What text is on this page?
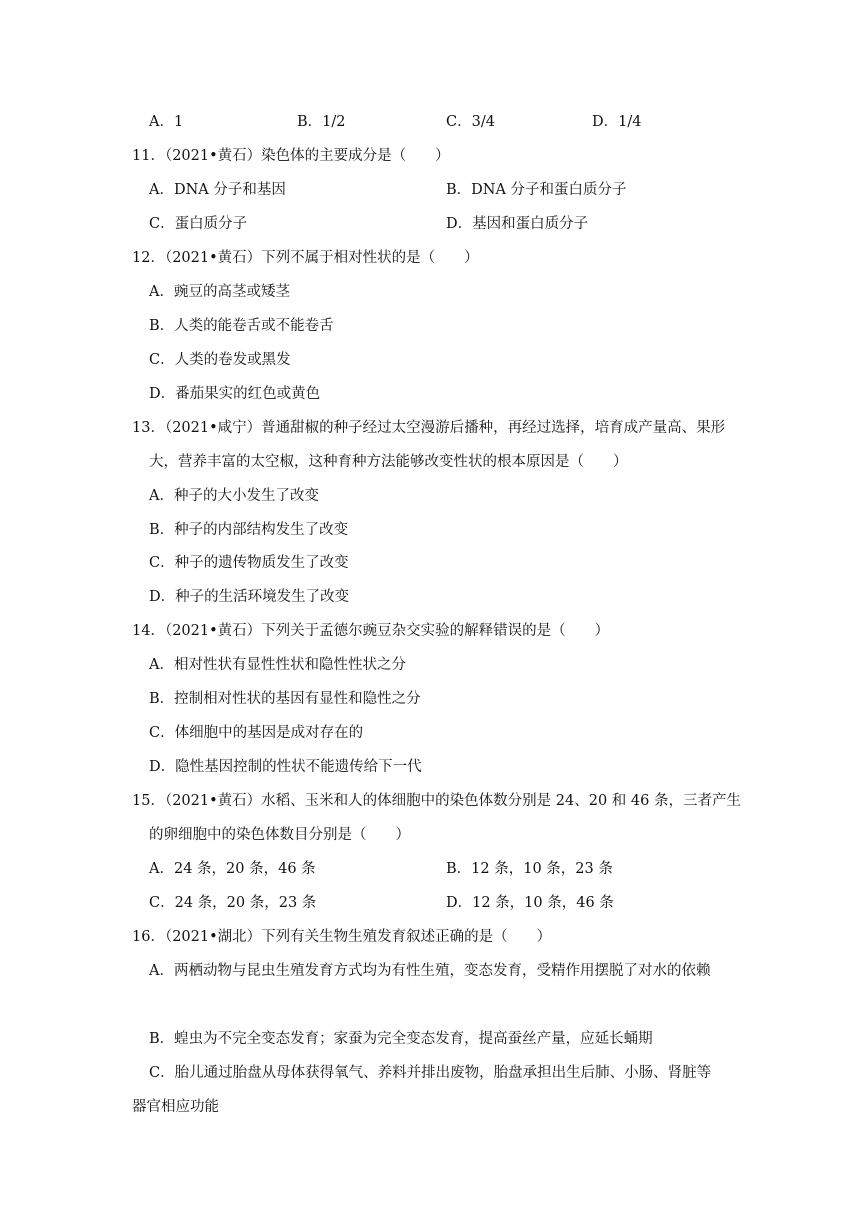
A．1	B．1/2	C．3/4	D．1/4
11．（2021•黄石）染色体的主要成分是（　　）
A．DNA 分子和基因	B．DNA 分子和蛋白质分子
C．蛋白质分子	D．基因和蛋白质分子
12．（2021•黄石）下列不属于相对性状的是（　　）
A．豌豆的高茎或矮茎
B．人类的能卷舌或不能卷舌
C．人类的卷发或黑发
D．番茄果实的红色或黄色
13．（2021•咸宁）普通甜椒的种子经过太空漫游后播种，再经过选择，培育成产量高、果形
大，营养丰富的太空椒，这种育种方法能够改变性状的根本原因是（　　）
A．种子的大小发生了改变
B．种子的内部结构发生了改变
C．种子的遗传物质发生了改变
D．种子的生活环境发生了改变
14．（2021•黄石）下列关于孟德尔豌豆杂交实验的解释错误的是（　　）
A．相对性状有显性性状和隐性性状之分
B．控制相对性状的基因有显性和隐性之分
C．体细胞中的基因是成对存在的
D．隐性基因控制的性状不能遗传给下一代
15．（2021•黄石）水稻、玉米和人的体细胞中的染色体数分别是 24、20 和 46 条，三者产生
的卵细胞中的染色体数目分别是（　　）
A．24 条，20 条，46 条	B．12 条，10 条，23 条
C．24 条，20 条，23 条	D．12 条，10 条，46 条
16．（2021•湖北）下列有关生物生殖发育叙述正确的是（　　）
A．两栖动物与昆虫生殖发育方式均为有性生殖，变态发育，受精作用摆脱了对水的依赖
B．蝗虫为不完全变态发育；家蚕为完全变态发育，提高蚕丝产量，应延长蛹期
C．胎儿通过胎盘从母体获得氧气、养料并排出废物，胎盘承担出生后肺、小肠、肾脏等
器官相应功能
